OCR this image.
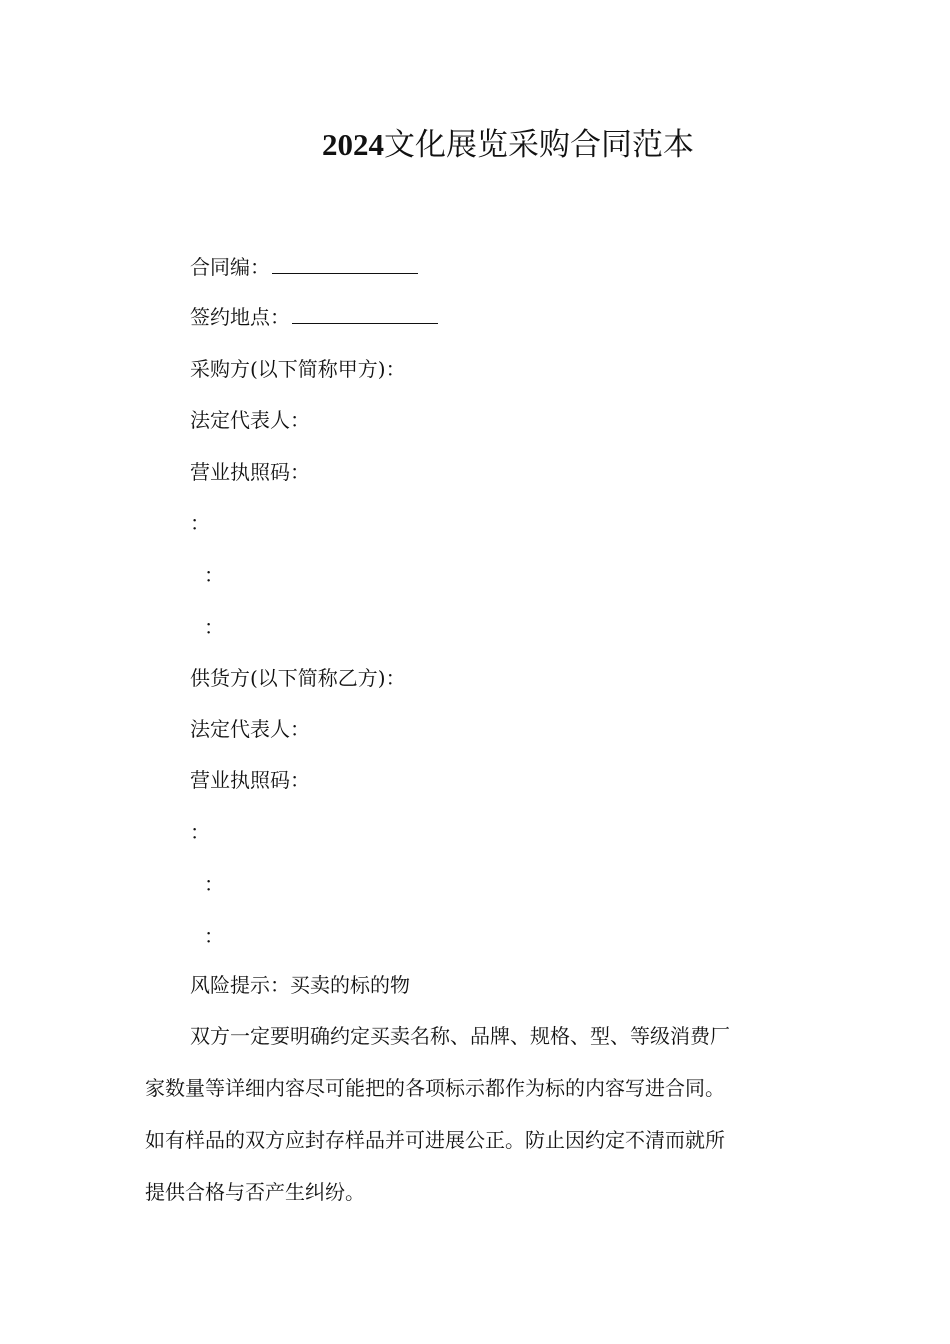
2024文化展览采购合同范本
合同编：
签约地点：
采购方(以下简称甲方)：
法定代表人：
营业执照码：
：
：
：
供货方(以下简称乙方)：
法定代表人：
营业执照码：
：
：
：
风险提示：买卖的标的物
双方一定要明确约定买卖名称、品牌、规格、型、等级消费厂
家数量等详细内容尽可能把的各项标示都作为标的内容写进合同。
如有样品的双方应封存样品并可进展公正。防止因约定不清而就所
提供合格与否产生纠纷。
